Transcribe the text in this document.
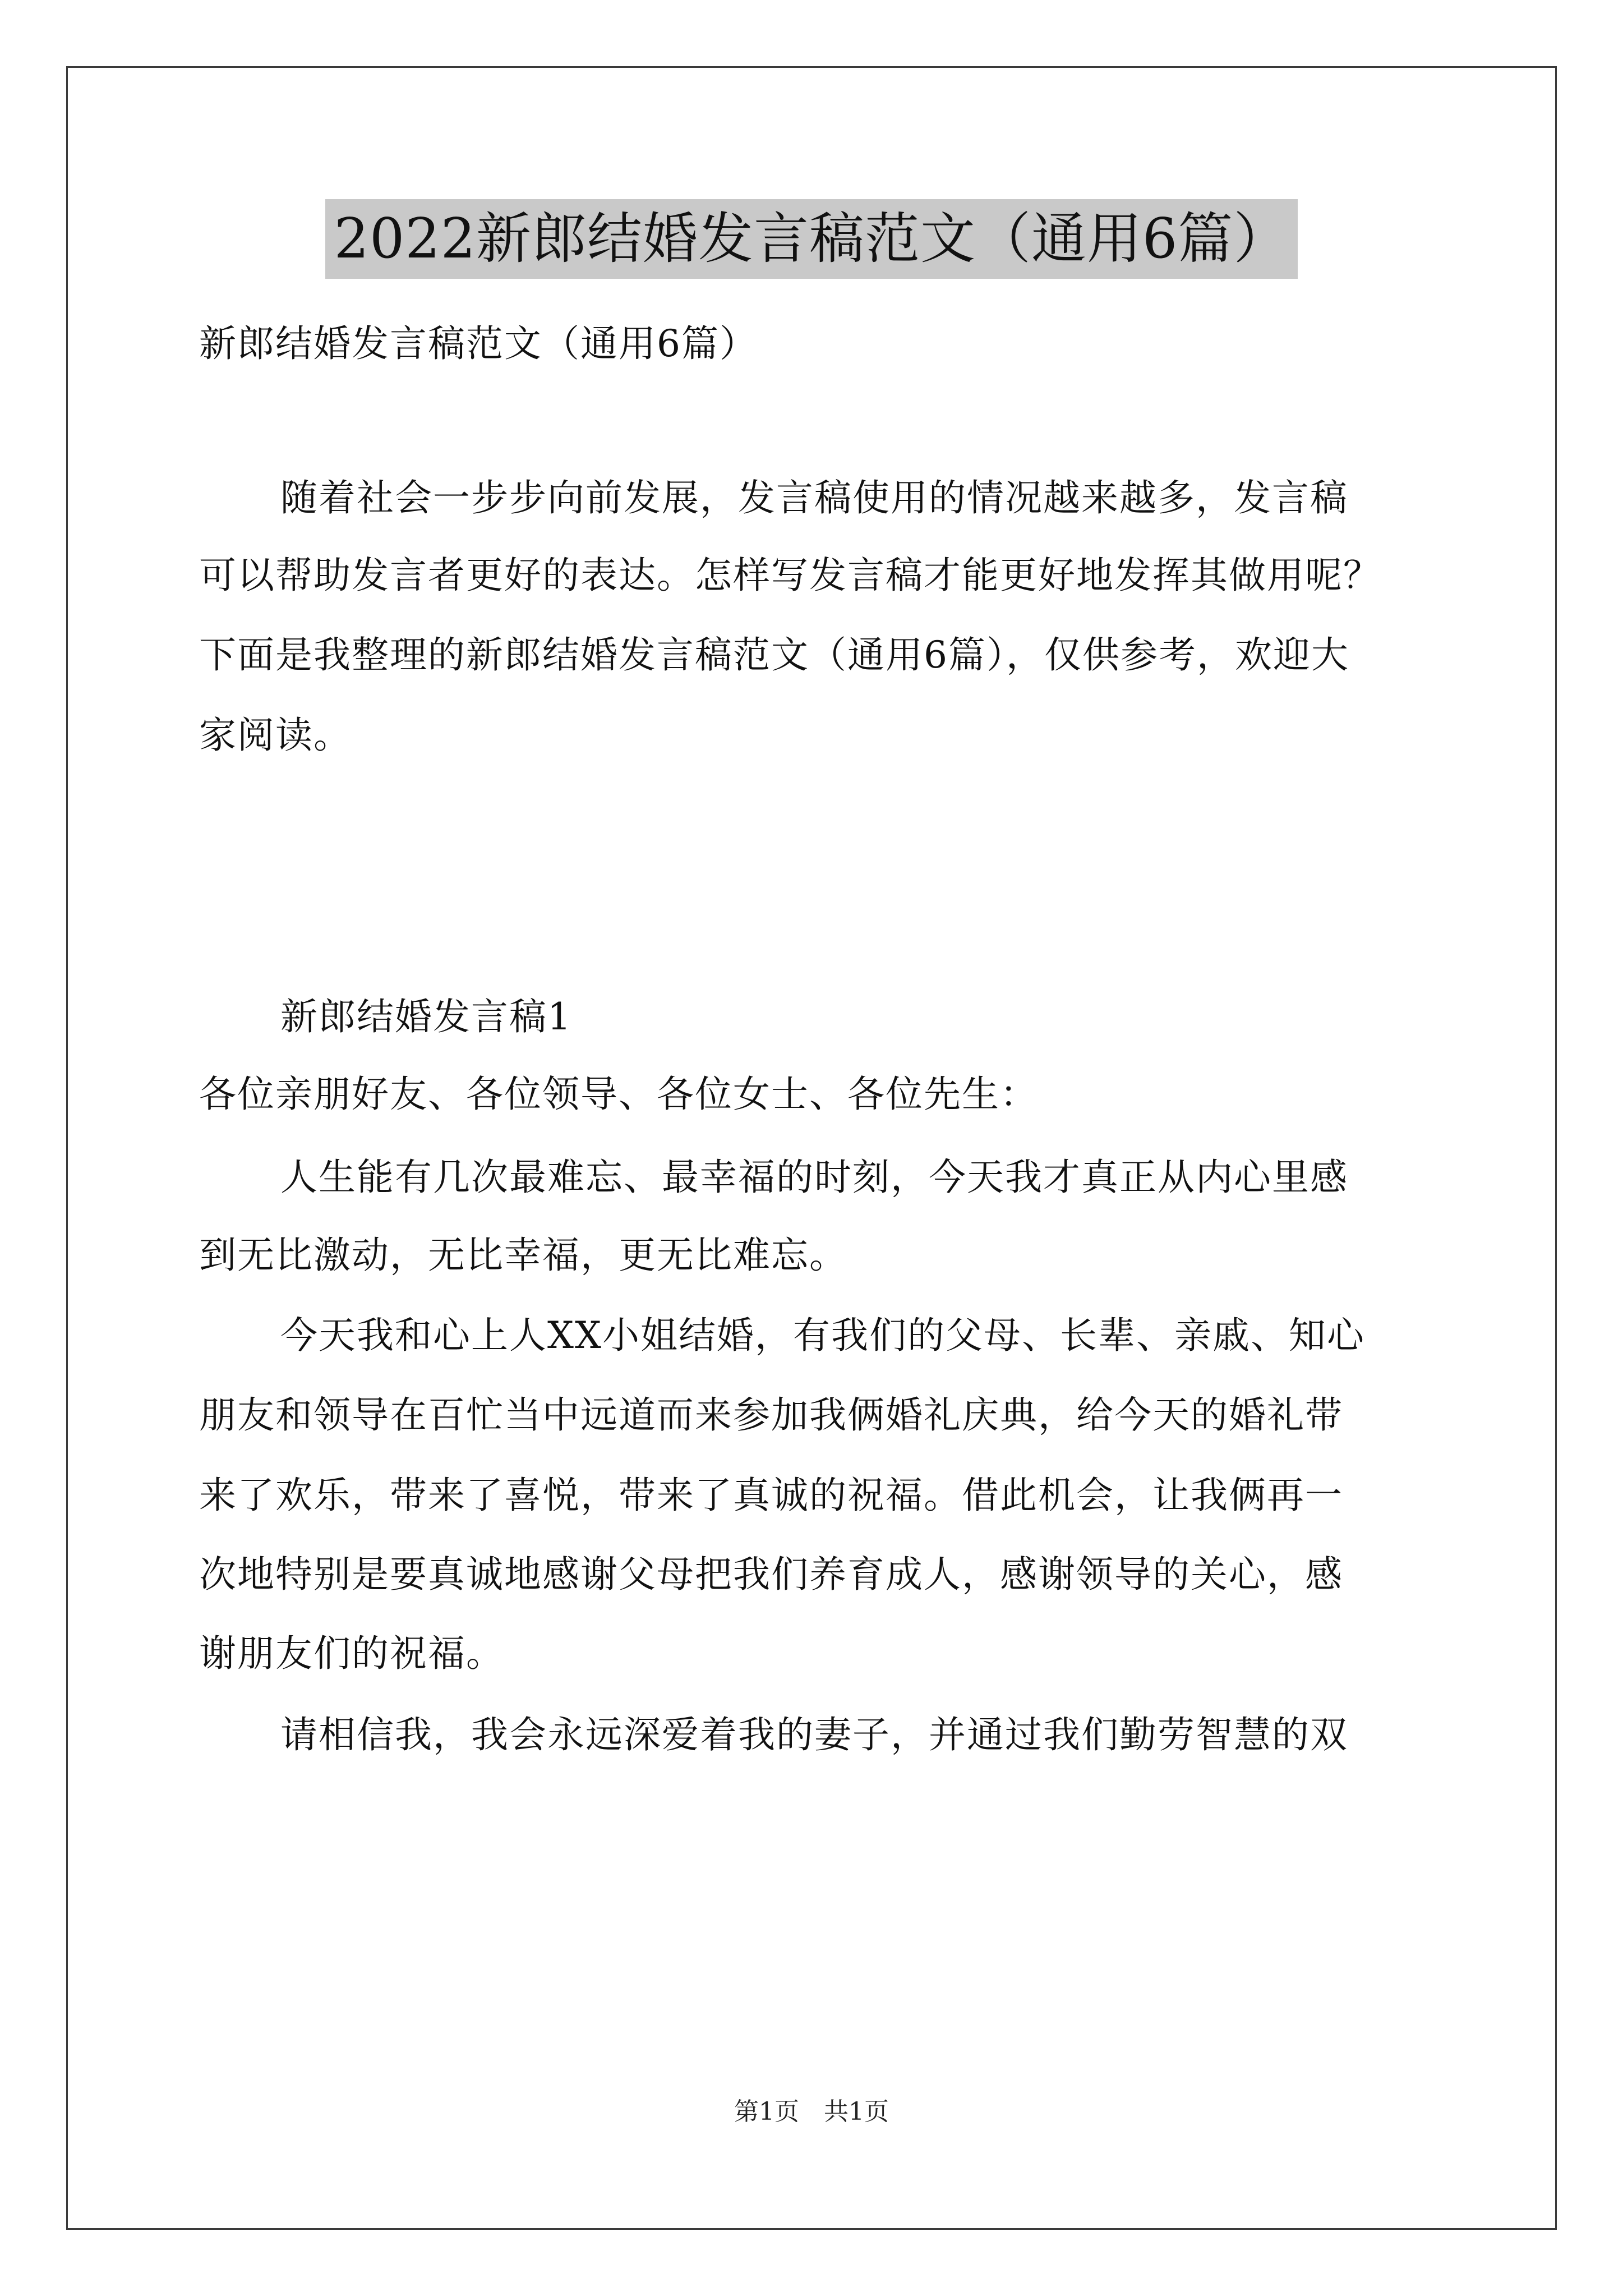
2022新郎结婚发言稿范文（通用6篇）
新郎结婚发言稿范文（通用6篇）
随着社会一步步向前发展，发言稿使用的情况越来越多，发言稿
可以帮助发言者更好的表达。怎样写发言稿才能更好地发挥其做用呢？
下面是我整理的新郎结婚发言稿范文（通用6篇），仅供参考，欢迎大
家阅读。
新郎结婚发言稿1
各位亲朋好友、各位领导、各位女士、各位先生：
人生能有几次最难忘、最幸福的时刻，今天我才真正从内心里感
到无比激动，无比幸福，更无比难忘。
今天我和心上人XX小姐结婚，有我们的父母、长辈、亲戚、知心
朋友和领导在百忙当中远道而来参加我俩婚礼庆典，给今天的婚礼带
来了欢乐，带来了喜悦，带来了真诚的祝福。借此机会，让我俩再一
次地特别是要真诚地感谢父母把我们养育成人，感谢领导的关心，感
谢朋友们的祝福。
请相信我，我会永远深爱着我的妻子，并通过我们勤劳智慧的双
第1页　共1页
